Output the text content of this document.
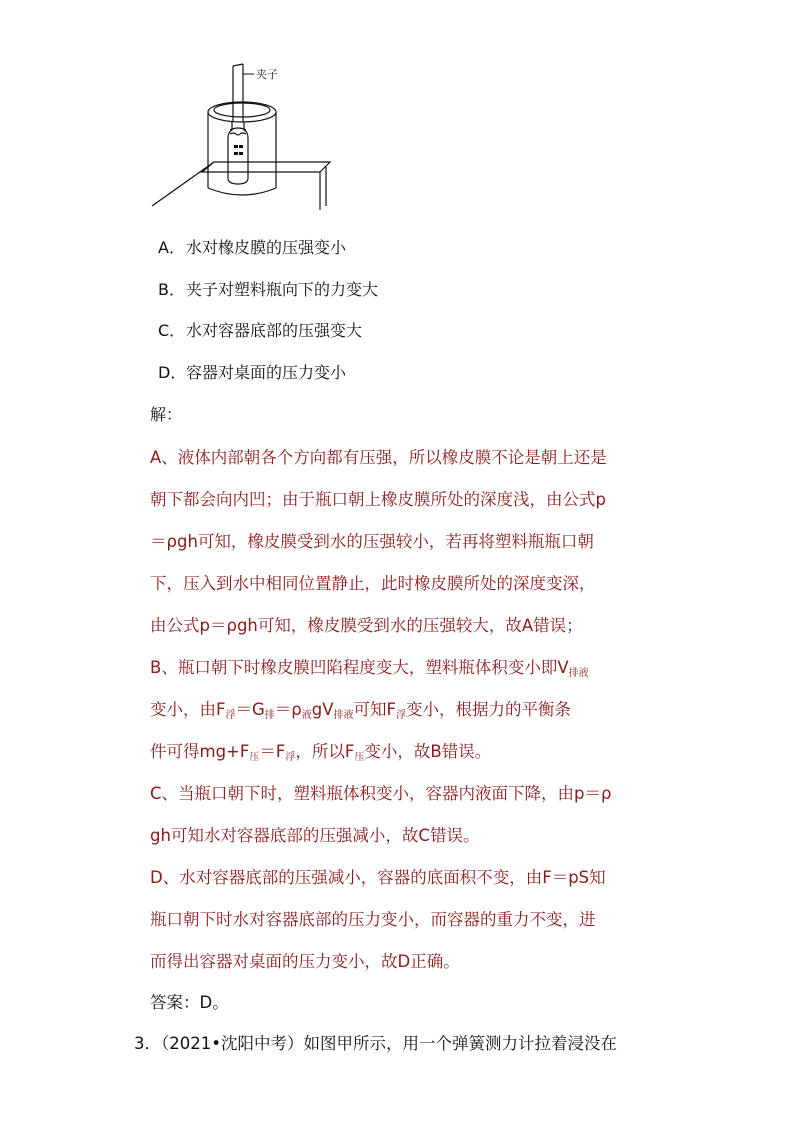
夹子
A．水对橡皮膜的压强变小
B．夹子对塑料瓶向下的力变大
C．水对容器底部的压强变大
D．容器对桌面的压力变小
解：
A、液体内部朝各个方向都有压强，所以橡皮膜不论是朝上还是
朝下都会向内凹；由于瓶口朝上橡皮膜所处的深度浅，由公式p
＝ρgh可知，橡皮膜受到水的压强较小，若再将塑料瓶瓶口朝
下，压入到水中相同位置静止，此时橡皮膜所处的深度变深，
由公式p＝ρgh可知，橡皮膜受到水的压强较大，故A错误；
B、瓶口朝下时橡皮膜凹陷程度变大，塑料瓶体积变小即$V_{排液}$
变小，由$F_浮=G_排=\rho_液gV_{排液}$可知$F_浮$变小，根据力的平衡条
件可得$mg+F_压=F_浮$，所以$F_压$变小，故B错误。
C、当瓶口朝下时，塑料瓶体积变小，容器内液面下降，由p＝ρ
gh可知水对容器底部的压强减小，故C错误。
D、水对容器底部的压强减小，容器的底面积不变，由F＝pS知
瓶口朝下时水对容器底部的压力变小，而容器的重力不变，进
而得出容器对桌面的压力变小，故D正确。
答案：D。
3．（2021•沈阳中考）如图甲所示，用一个弹簧测力计拉着浸没在
